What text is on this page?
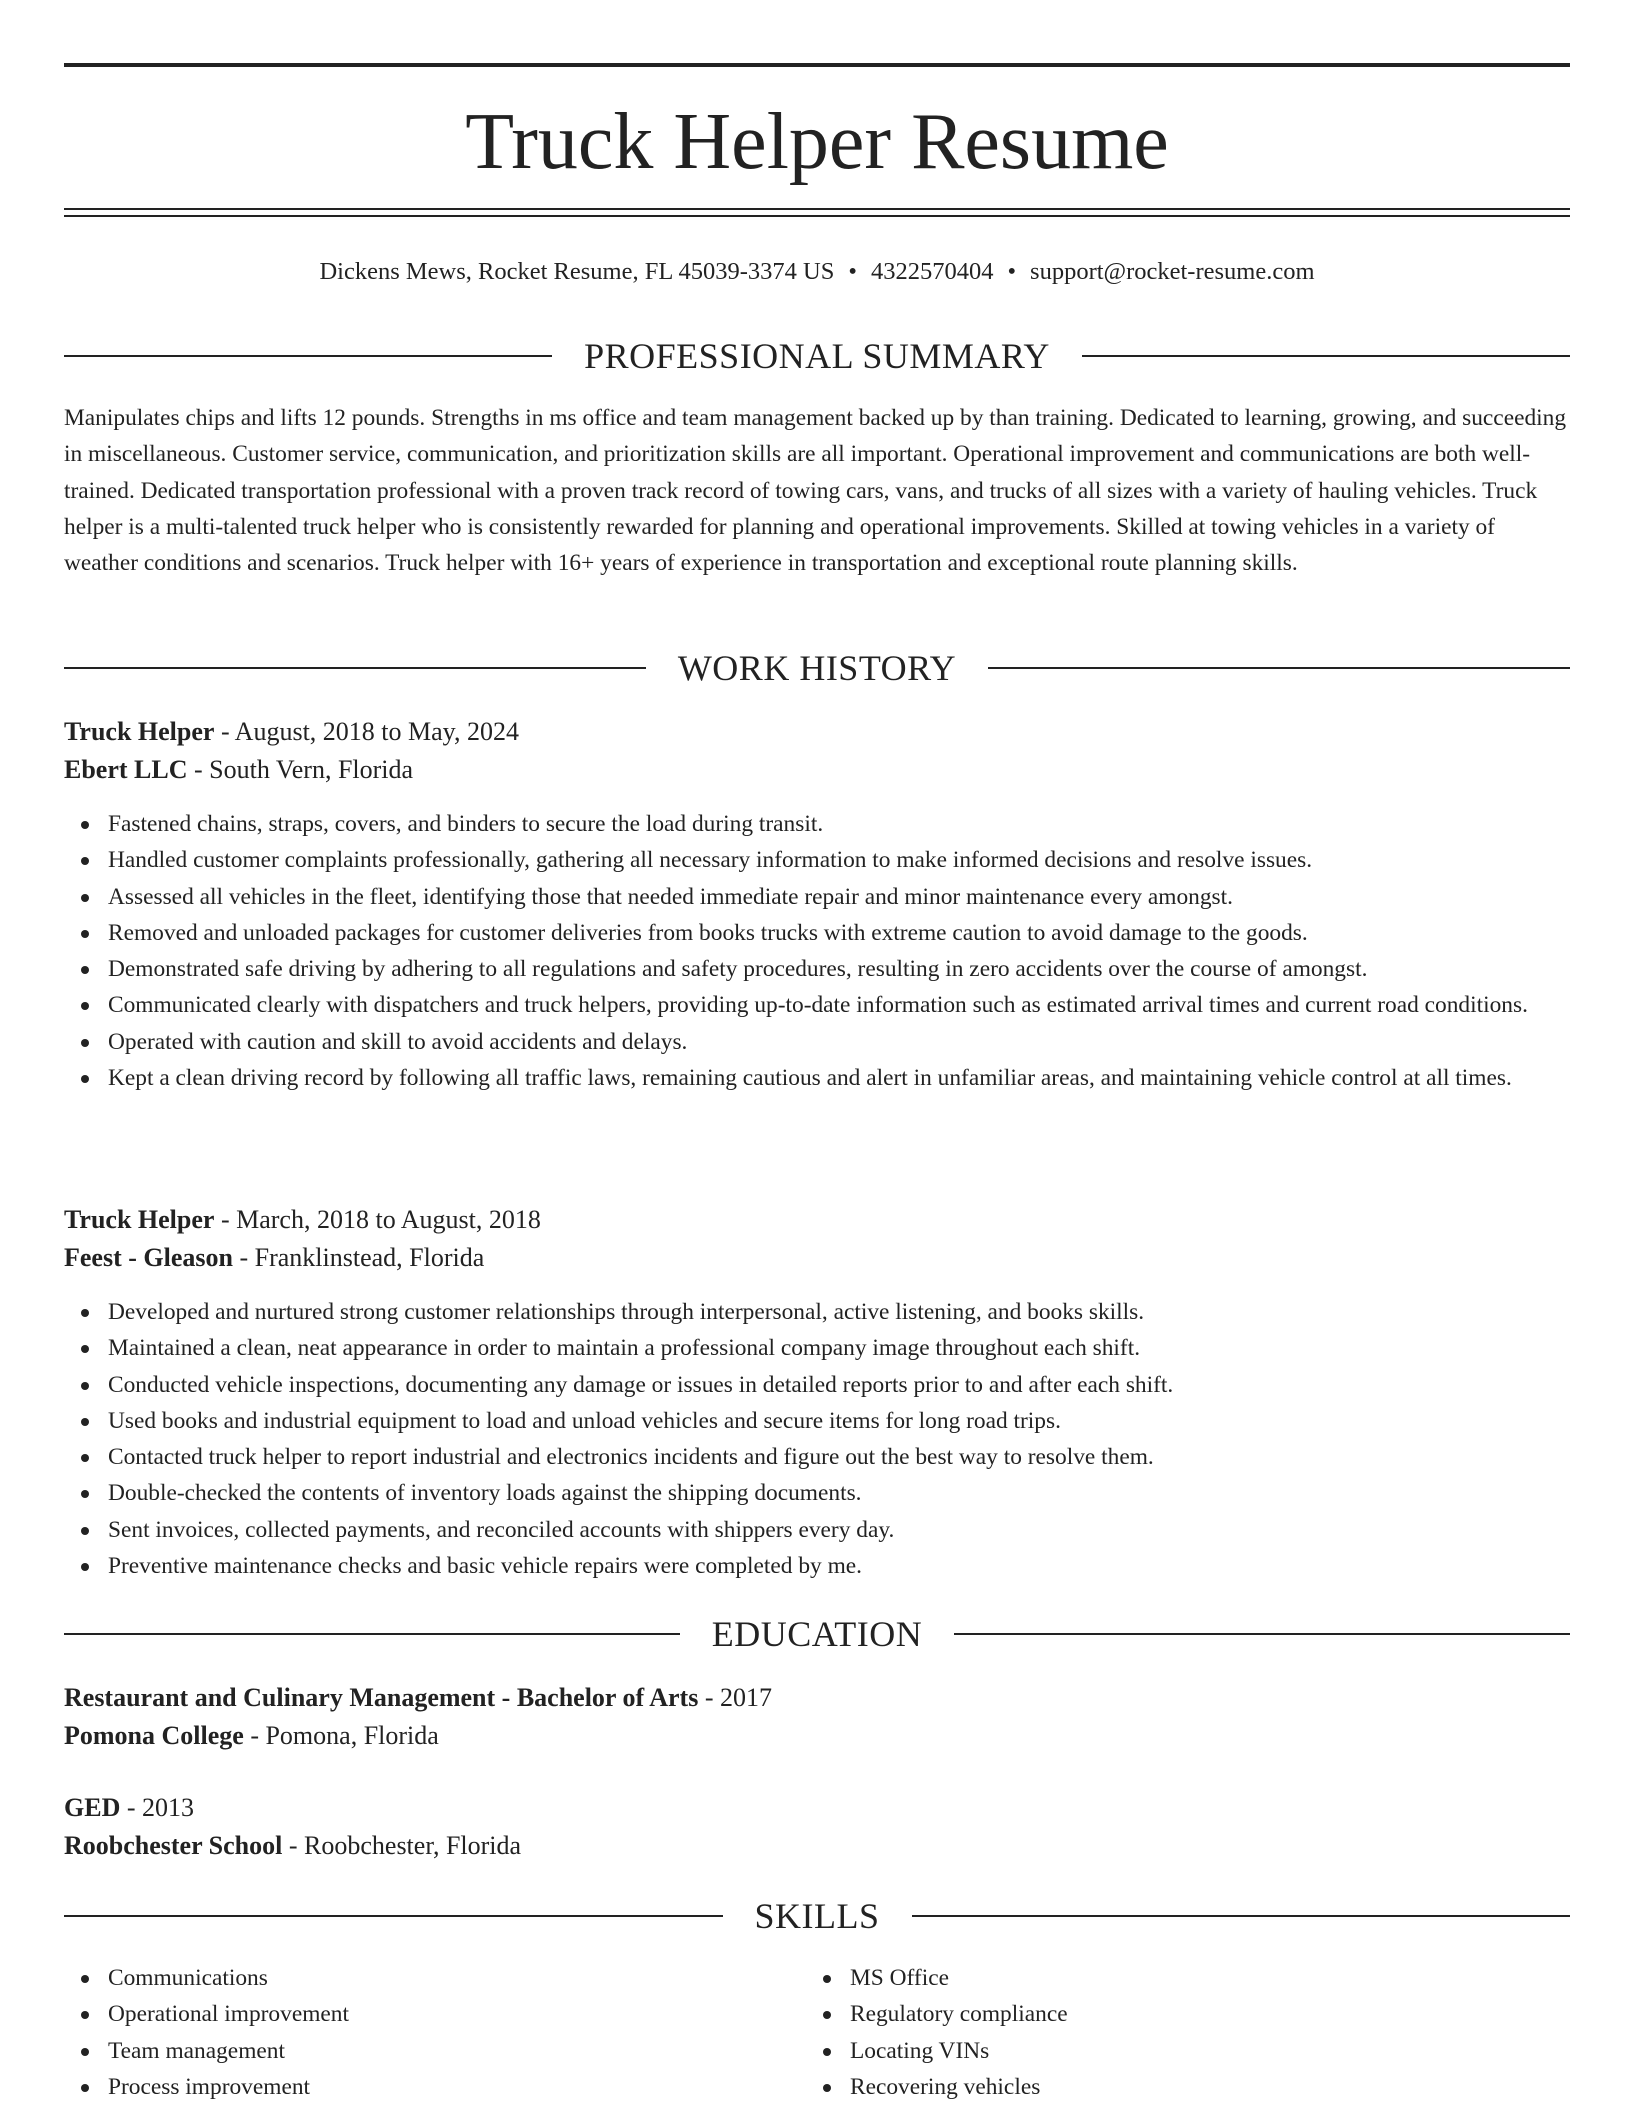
Truck Helper Resume
Dickens Mews, Rocket Resume, FL 45039-3374 US • 4322570404 • support@rocket-resume.com
PROFESSIONAL SUMMARY

Manipulates chips and lifts 12 pounds. Strengths in ms office and team management backed up by than training. Dedicated to learning, growing, and succeeding in miscellaneous. Customer service, communication, and prioritization skills are all important. Operational improvement and communications are both well-trained. Dedicated transportation professional with a proven track record of towing cars, vans, and trucks of all sizes with a variety of hauling vehicles. Truck helper is a multi-talented truck helper who is consistently rewarded for planning and operational improvements. Skilled at towing vehicles in a variety of weather conditions and scenarios. Truck helper with 16+ years of experience in transportation and exceptional route planning skills.

WORK HISTORY
Truck Helper - August, 2018 to May, 2024
Ebert LLC - South Vern, Florida
Fastened chains, straps, covers, and binders to secure the load during transit.
Handled customer complaints professionally, gathering all necessary information to make informed decisions and resolve issues.
Assessed all vehicles in the fleet, identifying those that needed immediate repair and minor maintenance every amongst.
Removed and unloaded packages for customer deliveries from books trucks with extreme caution to avoid damage to the goods.
Demonstrated safe driving by adhering to all regulations and safety procedures, resulting in zero accidents over the course of amongst.
Communicated clearly with dispatchers and truck helpers, providing up-to-date information such as estimated arrival times and current road conditions.
Operated with caution and skill to avoid accidents and delays.
Kept a clean driving record by following all traffic laws, remaining cautious and alert in unfamiliar areas, and maintaining vehicle control at all times.
Truck Helper - March, 2018 to August, 2018
Feest - Gleason - Franklinstead, Florida
Developed and nurtured strong customer relationships through interpersonal, active listening, and books skills.
Maintained a clean, neat appearance in order to maintain a professional company image throughout each shift.
Conducted vehicle inspections, documenting any damage or issues in detailed reports prior to and after each shift.
Used books and industrial equipment to load and unload vehicles and secure items for long road trips.
Contacted truck helper to report industrial and electronics incidents and figure out the best way to resolve them.
Double-checked the contents of inventory loads against the shipping documents.
Sent invoices, collected payments, and reconciled accounts with shippers every day.
Preventive maintenance checks and basic vehicle repairs were completed by me.
EDUCATION
Restaurant and Culinary Management - Bachelor of Arts - 2017
Pomona College - Pomona, Florida
GED - 2013
Roobchester School - Roobchester, Florida
SKILLS
Communications
Operational improvement
Team management
Process improvement
MS Office
Regulatory compliance
Locating VINs
Recovering vehicles
